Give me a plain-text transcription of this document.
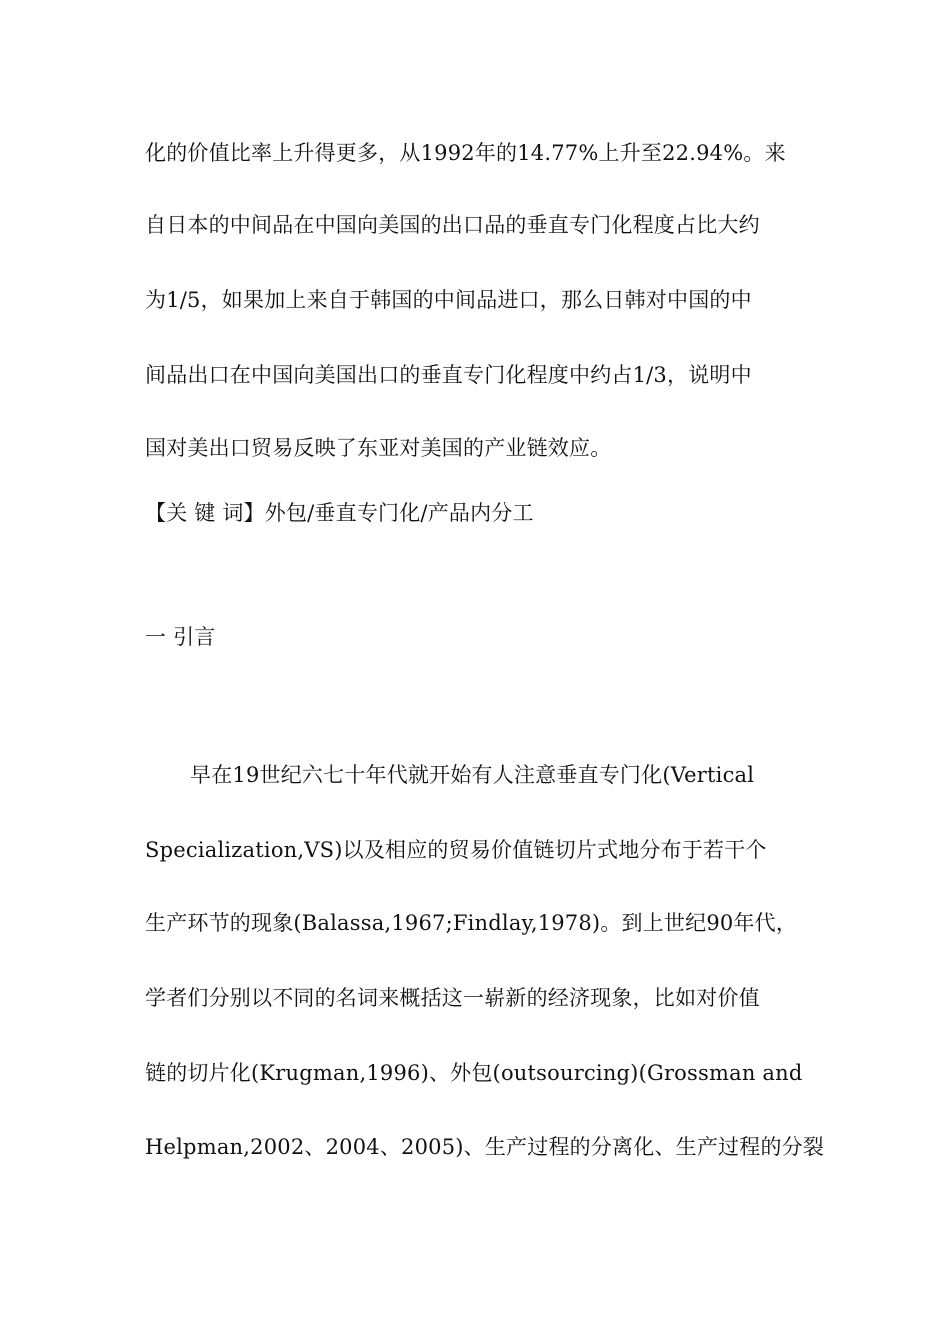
化的价值比率上升得更多，从1992年的14.77%上升至22.94%。来
自日本的中间品在中国向美国的出口品的垂直专门化程度占比大约
为1/5，如果加上来自于韩国的中间品进口，那么日韩对中国的中
间品出口在中国向美国出口的垂直专门化程度中约占1/3，说明中
国对美出口贸易反映了东亚对美国的产业链效应。
【关 键 词】外包/垂直专门化/产品内分工
一 引言
早在19世纪六七十年代就开始有人注意垂直专门化(Vertical
Specialization,VS)以及相应的贸易价值链切片式地分布于若干个
生产环节的现象(Balassa,1967;Findlay,1978)。到上世纪90年代，
学者们分别以不同的名词来概括这一崭新的经济现象，比如对价值
链的切片化(Krugman,1996)、外包(outsourcing)(Grossman and
Helpman,2002、2004、2005)、生产过程的分离化、生产过程的分裂
